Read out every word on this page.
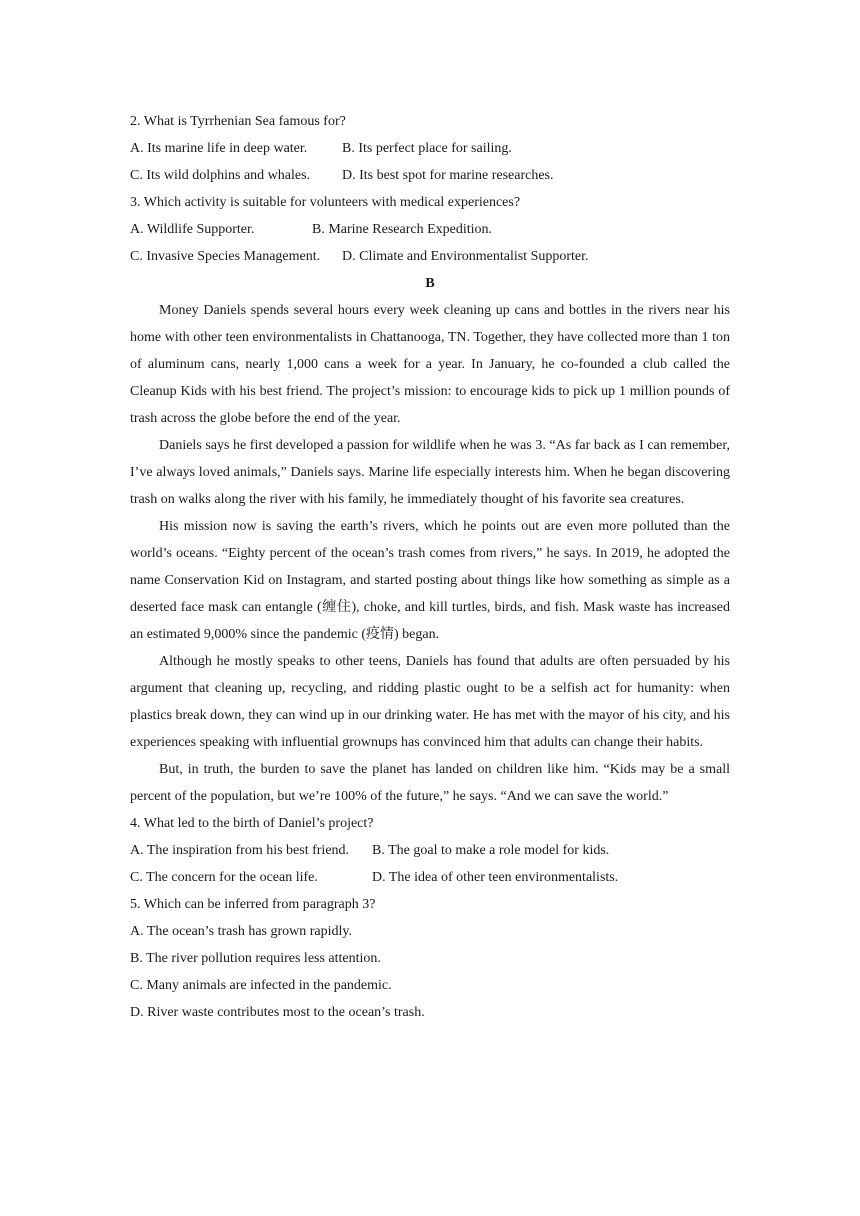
2. What is Tyrrhenian Sea famous for?

A. Its marine life in deep water.	B. Its perfect place for sailing.
C. Its wild dolphins and whales.	D. Its best spot for marine researches.

3. Which activity is suitable for volunteers with medical experiences?

A. Wildlife Supporter.	B. Marine Research Expedition.
C. Invasive Species Management.	D. Climate and Environmentalist Supporter.

B

Money Daniels spends several hours every week cleaning up cans and bottles in the rivers near his home with other teen environmentalists in Chattanooga, TN. Together, they have collected more than 1 ton of aluminum cans, nearly 1,000 cans a week for a year. In January, he co-founded a club called the Cleanup Kids with his best friend. The project’s mission: to encourage kids to pick up 1 million pounds of trash across the globe before the end of the year.

Daniels says he first developed a passion for wildlife when he was 3. “As far back as I can remember, I’ve always loved animals,” Daniels says. Marine life especially interests him. When he began discovering trash on walks along the river with his family, he immediately thought of his favorite sea creatures.

His mission now is saving the earth’s rivers, which he points out are even more polluted than the world’s oceans. “Eighty percent of the ocean’s trash comes from rivers,” he says. In 2019, he adopted the name Conservation Kid on Instagram, and started posting about things like how something as simple as a deserted face mask can entangle (缠住), choke, and kill turtles, birds, and fish. Mask waste has increased an estimated 9,000% since the pandemic (疫情) began.

Although he mostly speaks to other teens, Daniels has found that adults are often persuaded by his argument that cleaning up, recycling, and ridding plastic ought to be a selfish act for humanity: when plastics break down, they can wind up in our drinking water. He has met with the mayor of his city, and his experiences speaking with influential grownups has convinced him that adults can change their habits.

But, in truth, the burden to save the planet has landed on children like him. “Kids may be a small percent of the population, but we’re 100% of the future,” he says. “And we can save the world.”

4. What led to the birth of Daniel’s project?

A. The inspiration from his best friend.	B. The goal to make a role model for kids.
C. The concern for the ocean life.	D. The idea of other teen environmentalists.

5. Which can be inferred from paragraph 3?

A. The ocean’s trash has grown rapidly.

B. The river pollution requires less attention.

C. Many animals are infected in the pandemic.

D. River waste contributes most to the ocean’s trash.
